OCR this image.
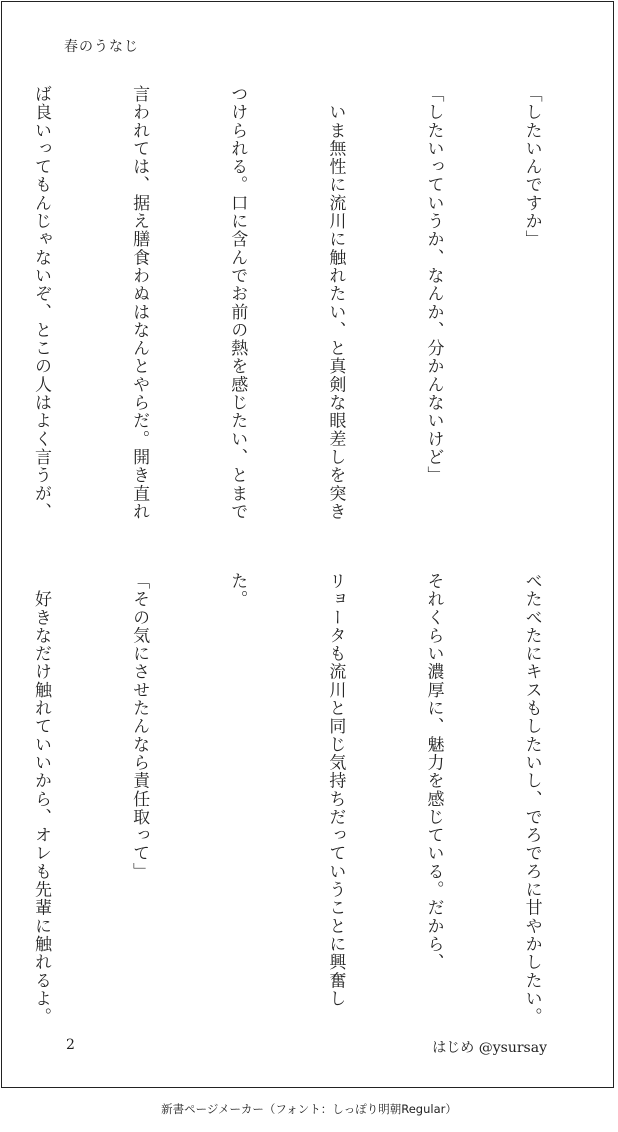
春のうなじ

「したいんですか」

「したいっていうか、なんか、分かんないけど」

　いま無性に流川に触れたい、と真剣な眼差しを突き

つけられる。口に含んでお前の熱を感じたい、とまで

言われては、据え膳食わぬはなんとやらだ。開き直れ

ば良いってもんじゃないぞ、とこの人はよく言うが、

べたべたにキスもしたいし、でろでろに甘やかしたい。

それくらい濃厚に、魅力を感じている。だから、

リョータも流川と同じ気持ちだっていうことに興奮し

た。

「その気にさせたんなら責任取って」

　好きなだけ触れていいから、オレも先輩に触れるよ。

2	はじめ @ysursay
新書ページメーカー（フォント：しっぽり明朝Regular）
